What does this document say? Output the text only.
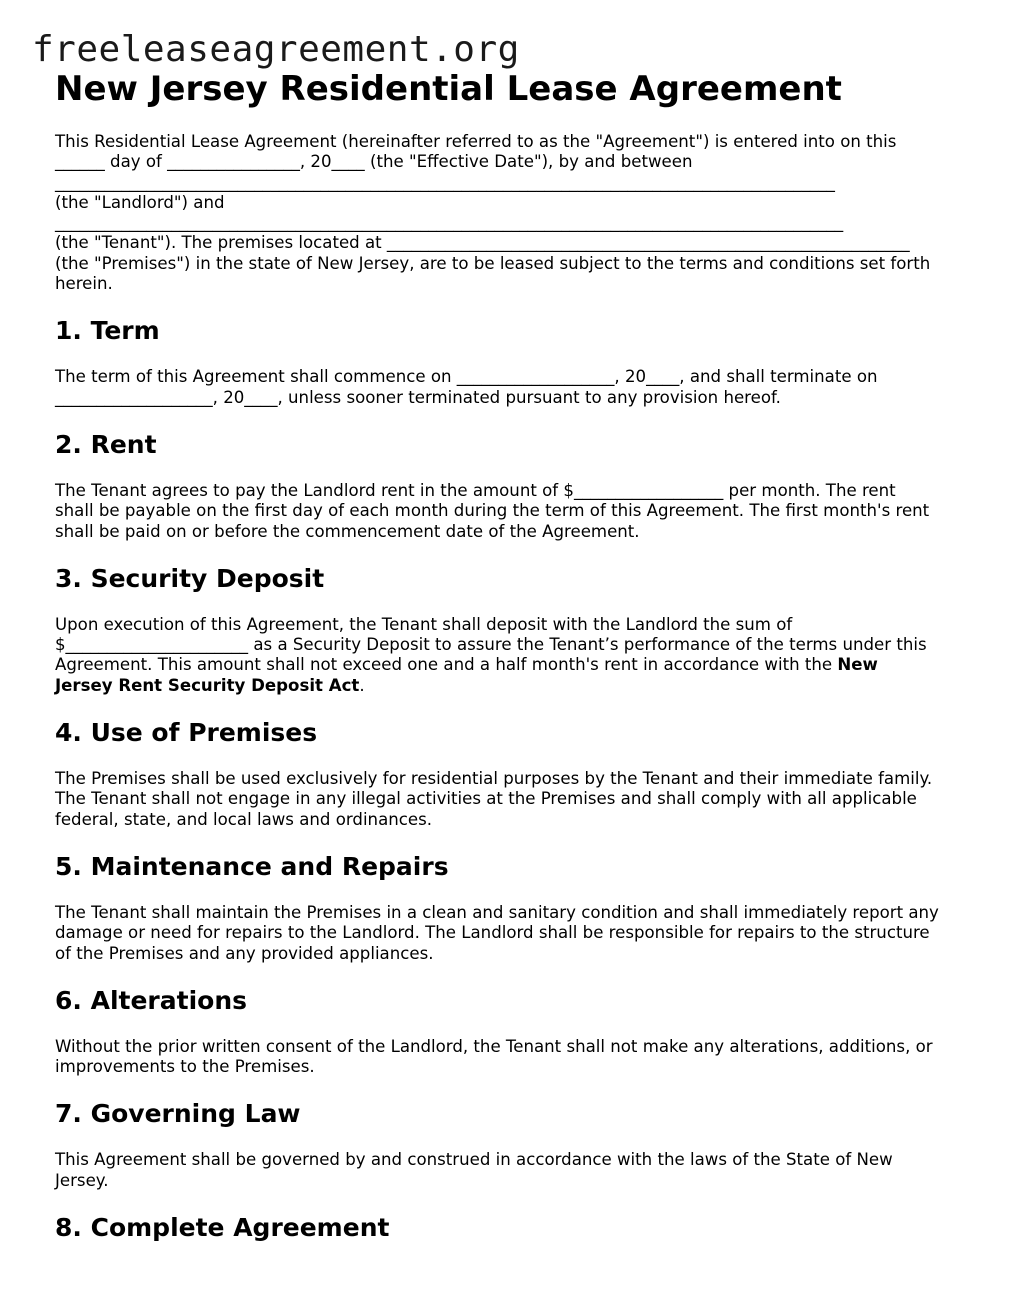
freeleaseagreement.org
New Jersey Residential Lease Agreement

This Residential Lease Agreement (hereinafter referred to as the "Agreement") is entered into on this
______ day of ________________, 20____ (the "Effective Date"), by and between
______________________________________________________________________________________________
(the "Landlord") and
_______________________________________________________________________________________________
(the "Tenant"). The premises located at _______________________________________________________________
(the "Premises") in the state of New Jersey, are to be leased subject to the terms and conditions set forth
herein.

1. Term

The term of this Agreement shall commence on ___________________, 20____, and shall terminate on
___________________, 20____, unless sooner terminated pursuant to any provision hereof.

2. Rent

The Tenant agrees to pay the Landlord rent in the amount of $__________________ per month. The rent
shall be payable on the first day of each month during the term of this Agreement. The first month's rent
shall be paid on or before the commencement date of the Agreement.

3. Security Deposit

Upon execution of this Agreement, the Tenant shall deposit with the Landlord the sum of
$______________________ as a Security Deposit to assure the Tenant’s performance of the terms under this
Agreement. This amount shall not exceed one and a half month's rent in accordance with the New
Jersey Rent Security Deposit Act.

4. Use of Premises

The Premises shall be used exclusively for residential purposes by the Tenant and their immediate family.
The Tenant shall not engage in any illegal activities at the Premises and shall comply with all applicable
federal, state, and local laws and ordinances.

5. Maintenance and Repairs

The Tenant shall maintain the Premises in a clean and sanitary condition and shall immediately report any
damage or need for repairs to the Landlord. The Landlord shall be responsible for repairs to the structure
of the Premises and any provided appliances.

6. Alterations

Without the prior written consent of the Landlord, the Tenant shall not make any alterations, additions, or
improvements to the Premises.

7. Governing Law

This Agreement shall be governed by and construed in accordance with the laws of the State of New
Jersey.

8. Complete Agreement
